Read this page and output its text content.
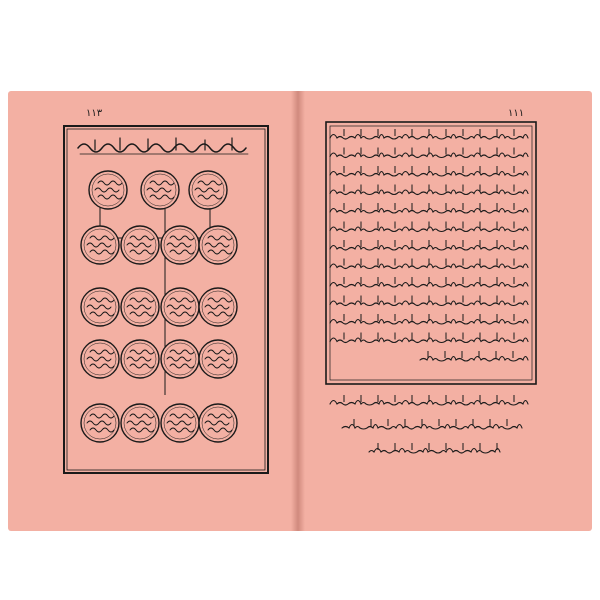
١١٣	١١١
